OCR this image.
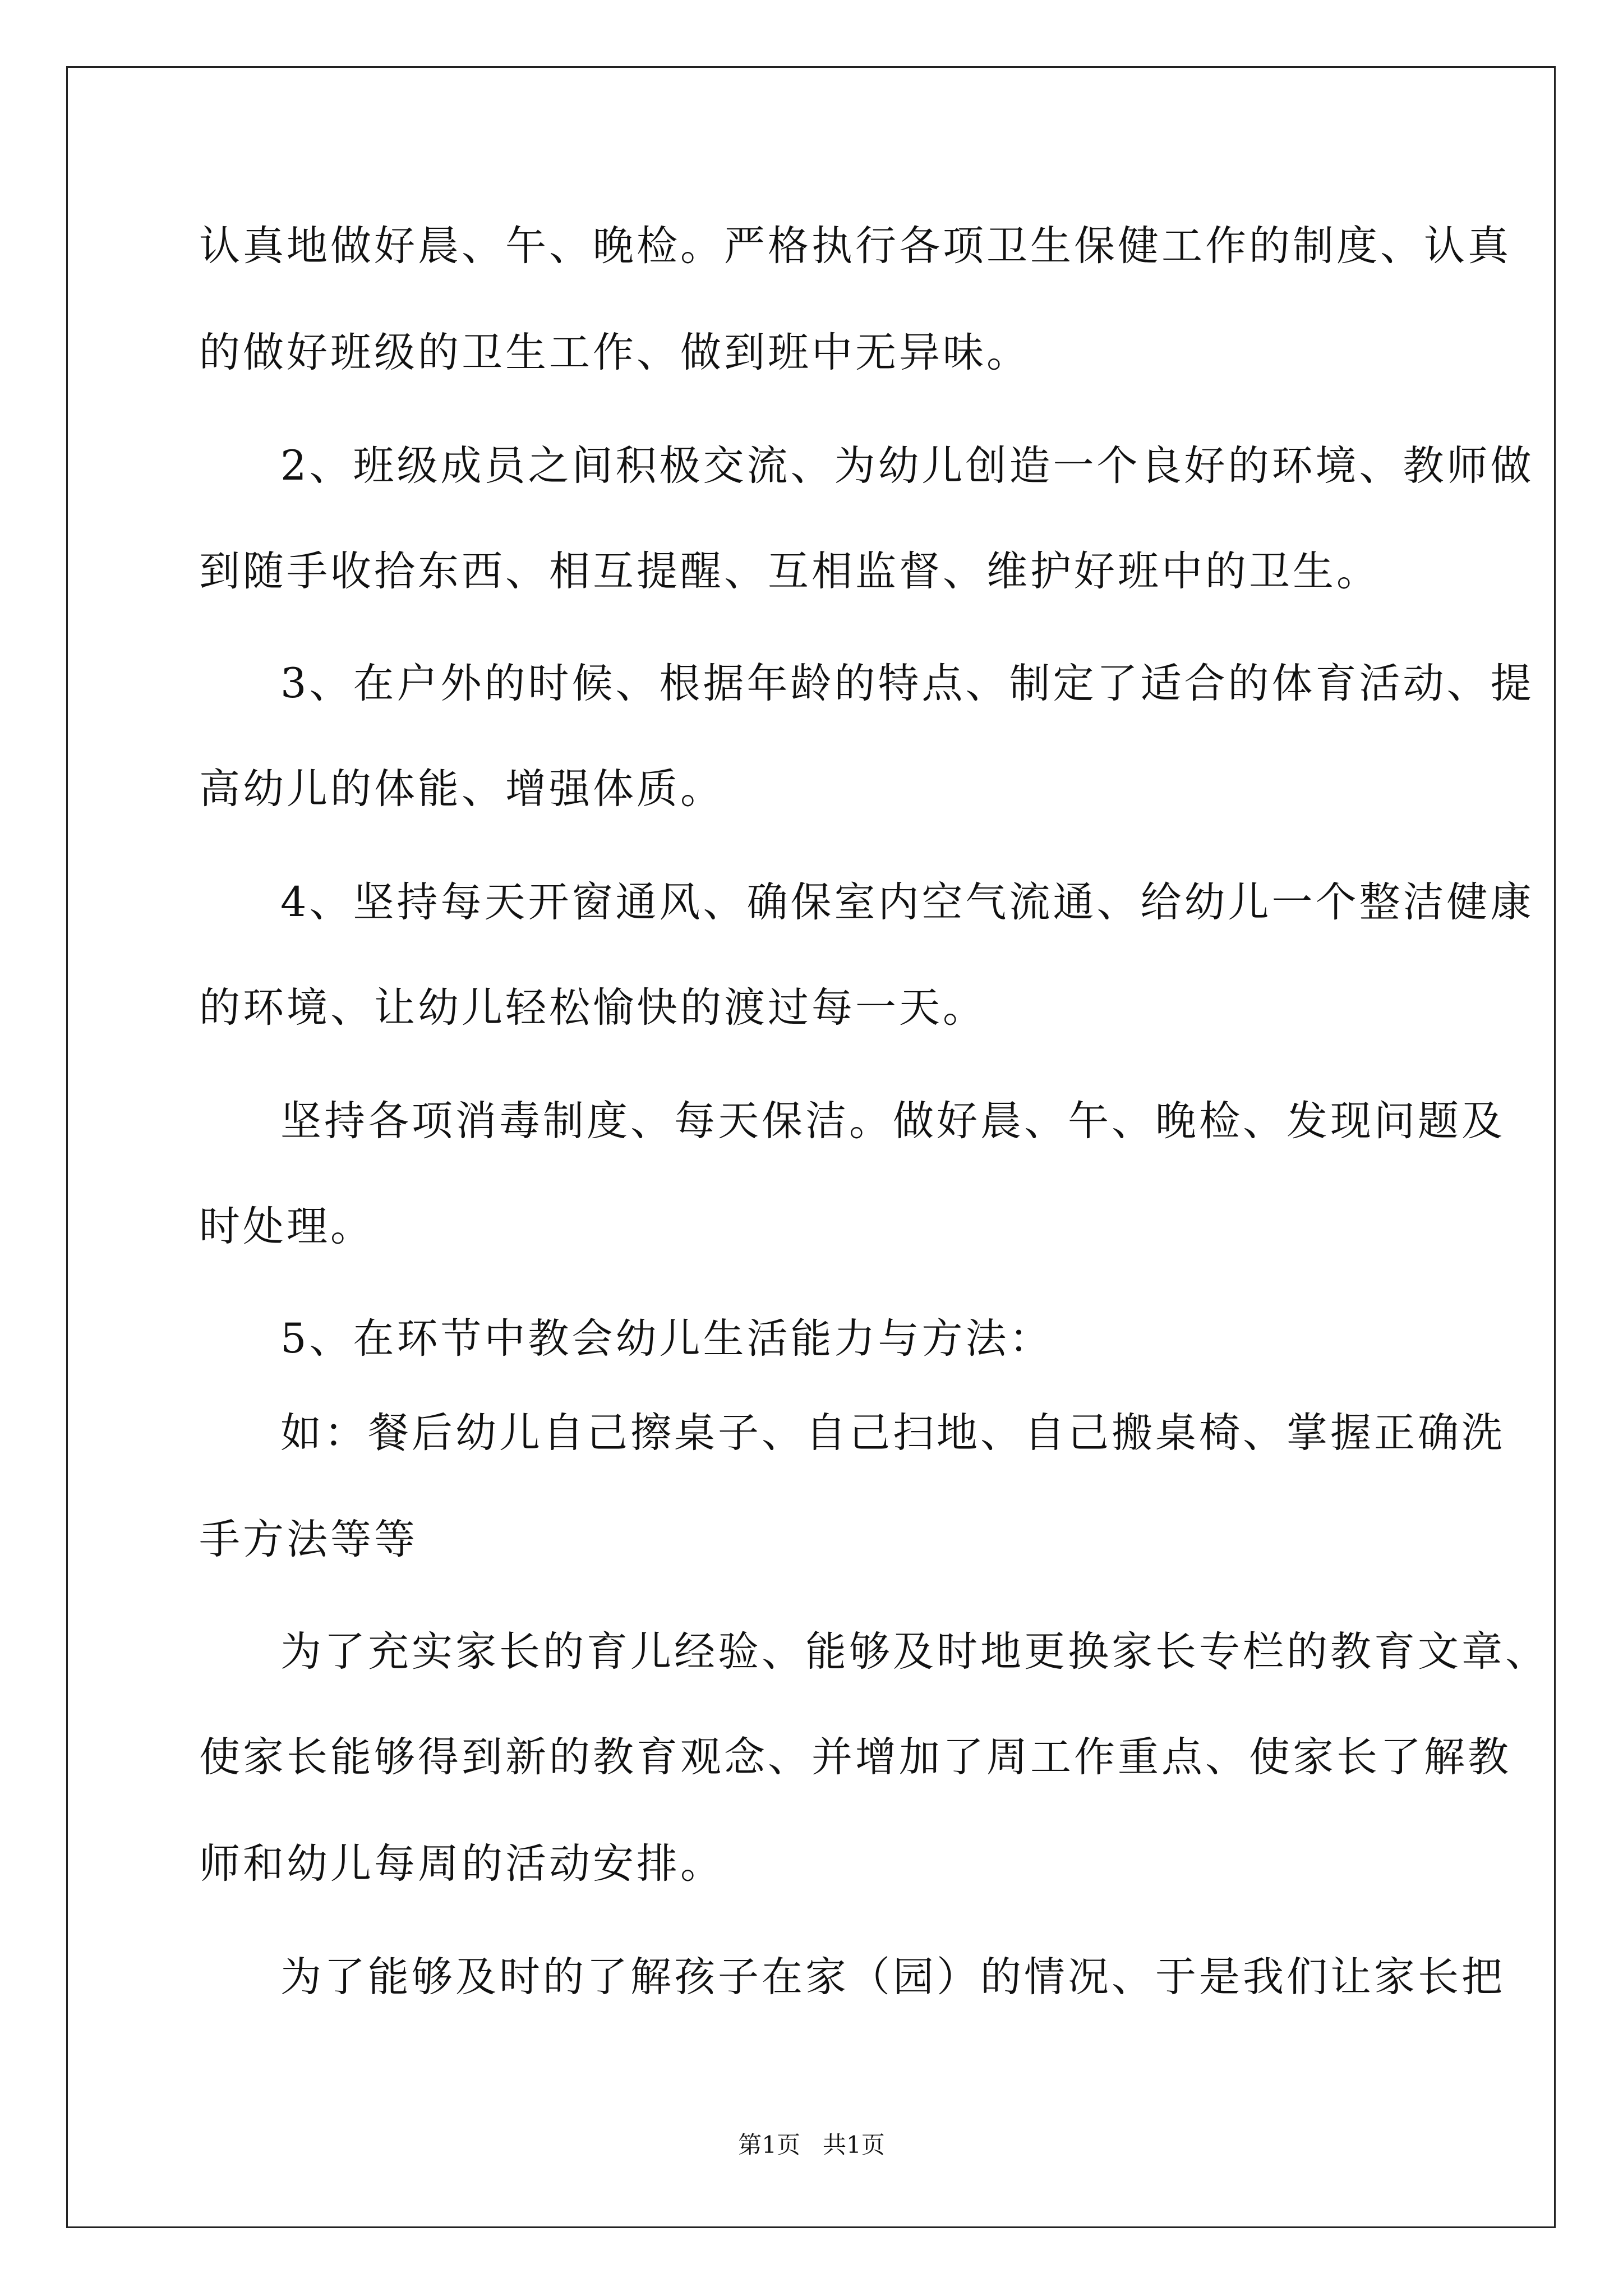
认真地做好晨、午、晚检。严格执行各项卫生保健工作的制度、认真
的做好班级的卫生工作、做到班中无异味。
2、班级成员之间积极交流、为幼儿创造一个良好的环境、教师做
到随手收拾东西、相互提醒、互相监督、维护好班中的卫生。
3、在户外的时候、根据年龄的特点、制定了适合的体育活动、提
高幼儿的体能、增强体质。
4、坚持每天开窗通风、确保室内空气流通、给幼儿一个整洁健康
的环境、让幼儿轻松愉快的渡过每一天。
坚持各项消毒制度、每天保洁。做好晨、午、晚检、发现问题及
时处理。
5、在环节中教会幼儿生活能力与方法：
如：餐后幼儿自己擦桌子、自己扫地、自己搬桌椅、掌握正确洗
手方法等等
为了充实家长的育儿经验、能够及时地更换家长专栏的教育文章、
使家长能够得到新的教育观念、并增加了周工作重点、使家长了解教
师和幼儿每周的活动安排。
为了能够及时的了解孩子在家（园）的情况、于是我们让家长把
第1页   共1页
